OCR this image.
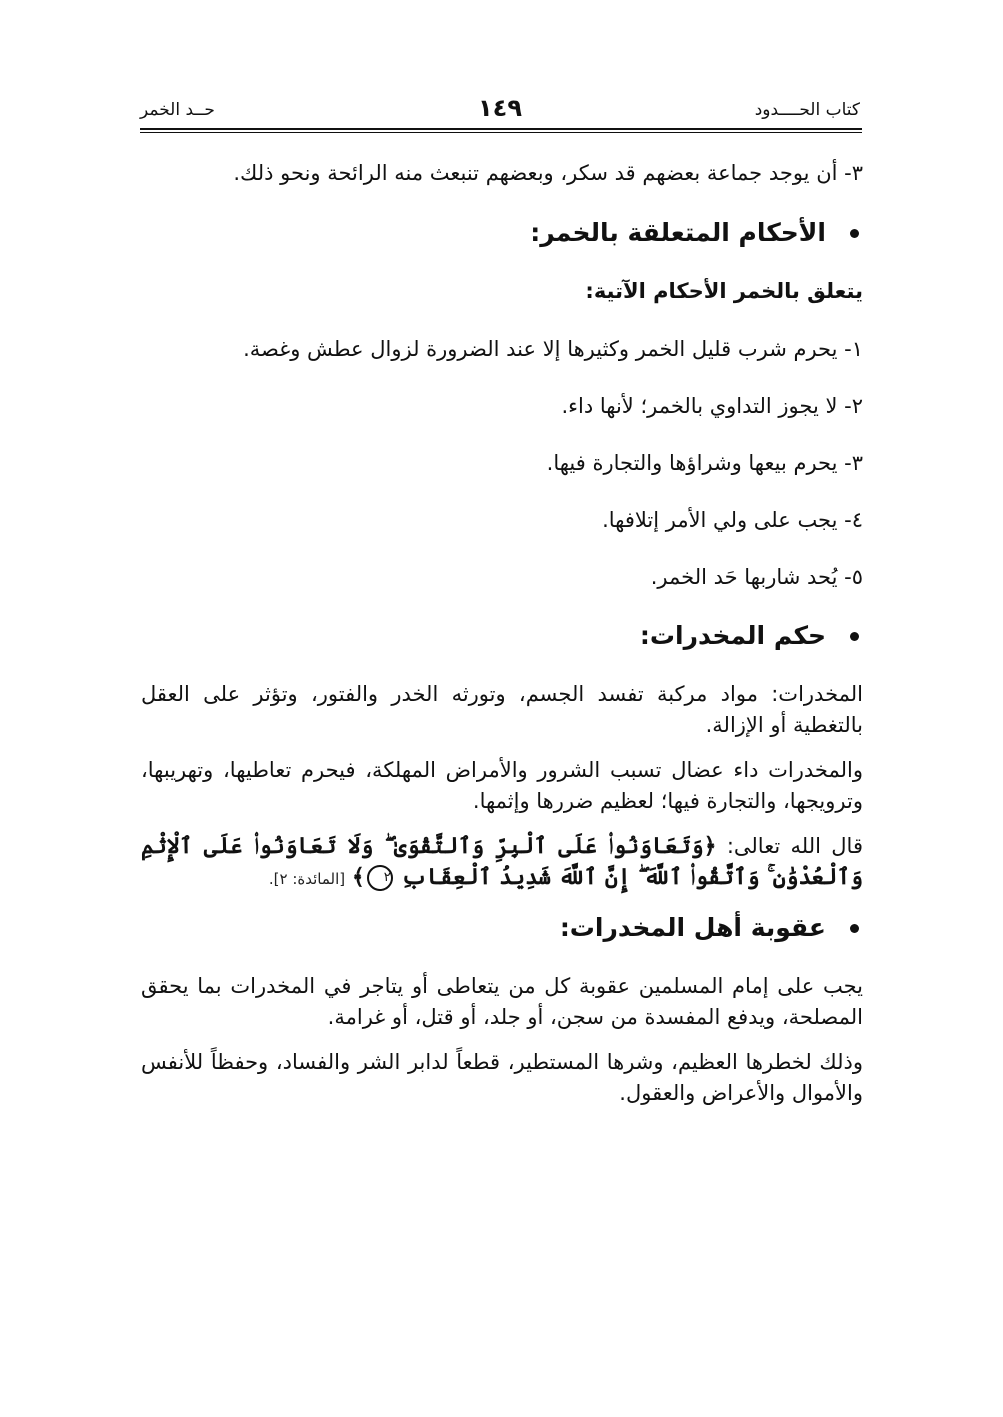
كتاب الحــــدود
١٤٩
حــد الخمر
٣- أن يوجد جماعة بعضهم قد سكر، وبعضهم تنبعث منه الرائحة ونحو ذلك.
الأحكام المتعلقة بالخمر:
يتعلق بالخمر الأحكام الآتية:
١- يحرم شرب قليل الخمر وكثيرها إلا عند الضرورة لزوال عطش وغصة.
٢- لا يجوز التداوي بالخمر؛ لأنها داء.
٣- يحرم بيعها وشراؤها والتجارة فيها.
٤- يجب على ولي الأمر إتلافها.
٥- يُحد شاربها حَد الخمر.
حكم المخدرات:
المخدرات: مواد مركبة تفسد الجسم، وتورثه الخدر والفتور، وتؤثر على العقل بالتغطية أو الإزالة.
والمخدرات داء عضال تسبب الشرور والأمراض المهلكة، فيحرم تعاطيها، وتهريبها، وترويجها، والتجارة فيها؛ لعظيم ضررها وإثمها.
قال الله تعالى: ﴿وَتَعَاوَنُوا۟ عَلَى ٱلْبِرِّ وَٱلتَّقْوَىٰ ۖ وَلَا تَعَاوَنُوا۟ عَلَى ٱلْإِثْمِ وَٱلْعُدْوَٰنِ ۚ وَٱتَّقُوا۟ ٱللَّهَ ۖ إِنَّ ٱللَّهَ شَدِيدُ ٱلْعِقَابِ ٢﴾ [المائدة: ٢].
عقوبة أهل المخدرات:
يجب على إمام المسلمين عقوبة كل من يتعاطى أو يتاجر في المخدرات بما يحقق المصلحة، ويدفع المفسدة من سجن، أو جلد، أو قتل، أو غرامة.
وذلك لخطرها العظيم، وشرها المستطير، قطعاً لدابر الشر والفساد، وحفظاً للأنفس والأموال والأعراض والعقول.
